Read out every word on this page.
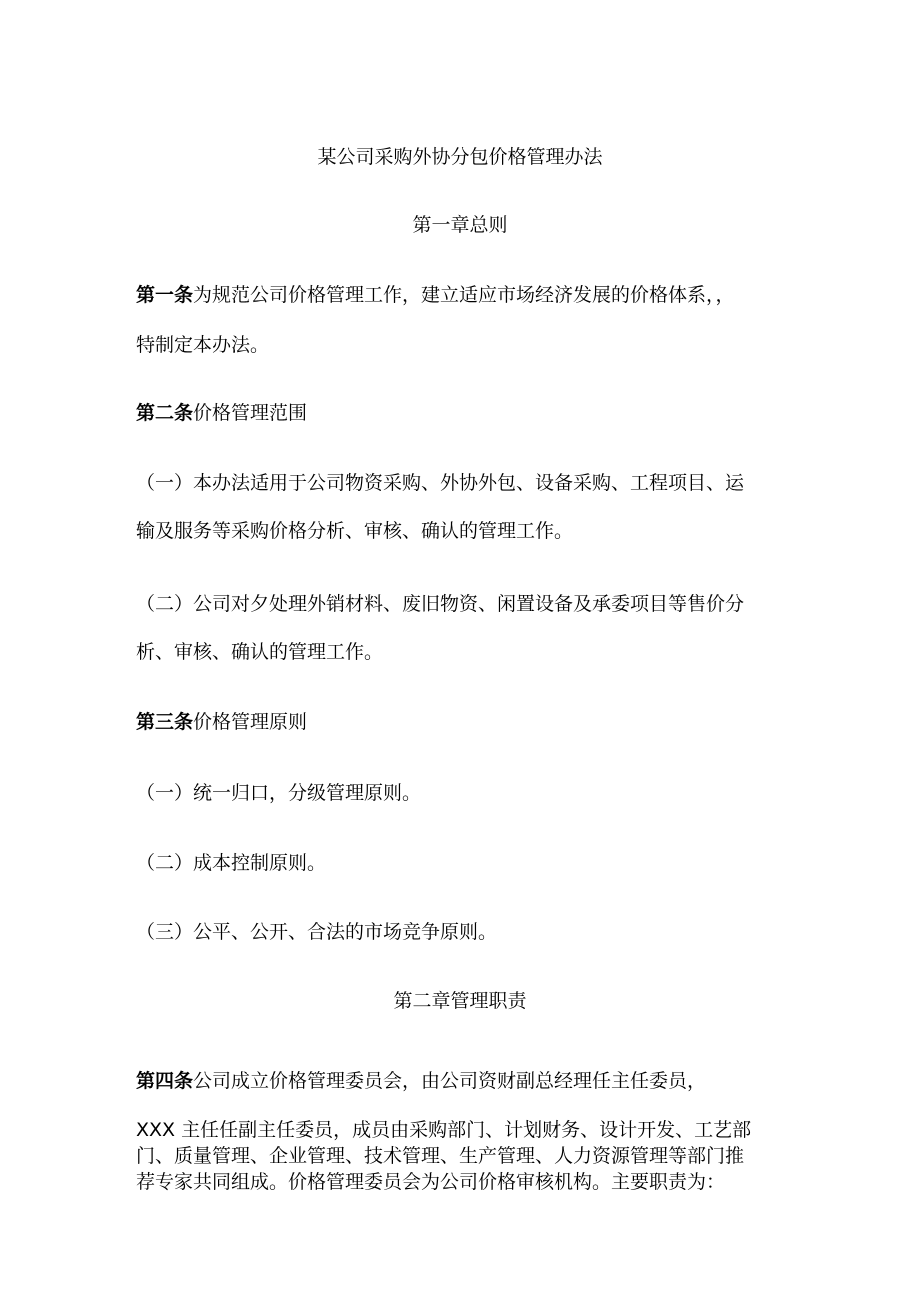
某公司采购外协分包价格管理办法
第一章总则
第一条为规范公司价格管理工作，建立适应市场经济发展的价格体系，，
特制定本办法。
第二条价格管理范围
（一）本办法适用于公司物资采购、外协外包、设备采购、工程项目、运
输及服务等采购价格分析、审核、确认的管理工作。
（二）公司对夕处理外销材料、废旧物资、闲置设备及承委项目等售价分
析、审核、确认的管理工作。
第三条价格管理原则
（一）统一归口，分级管理原则。
（二）成本控制原则。
（三）公平、公开、合法的市场竞争原则。
第二章管理职责
第四条公司成立价格管理委员会，由公司资财副总经理任主任委员，
XXX 主任任副主任委员，成员由采购部门、计划财务、设计开发、工艺部
门、质量管理、企业管理、技术管理、生产管理、人力资源管理等部门推
荐专家共同组成。价格管理委员会为公司价格审核机构。主要职责为：
